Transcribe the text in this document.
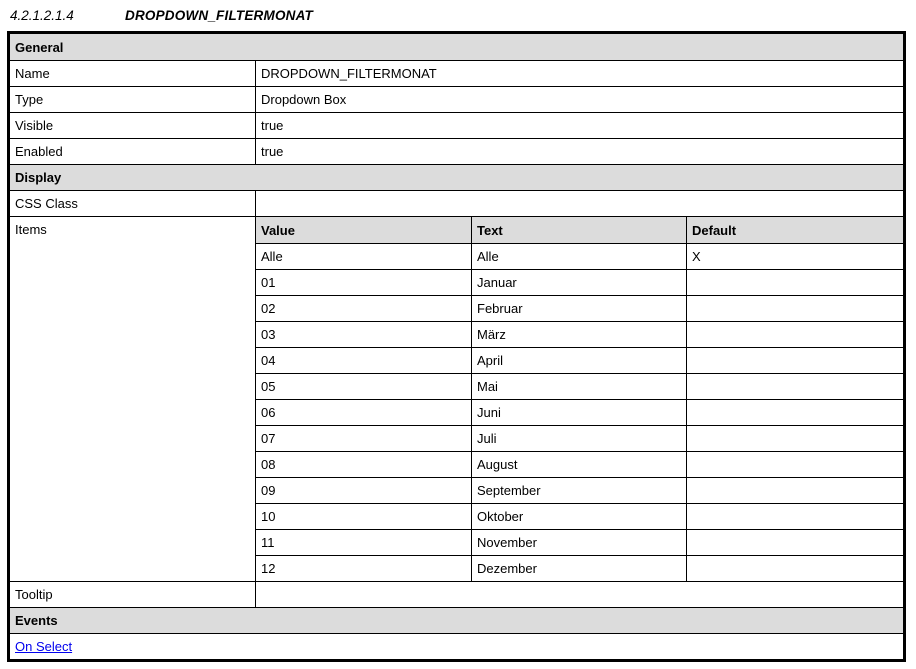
4.2.1.2.1.4	DROPDOWN_FILTERMONAT
General
Name	DROPDOWN_FILTERMONAT
Type	Dropdown Box
Visible	true
Enabled	true
Display
CSS Class
Items	Value	Text	Default
Alle	Alle	X
01	Januar
02	Februar
03	März
04	April
05	Mai
06	Juni
07	Juli
08	August
09	September
10	Oktober
11	November
12	Dezember
Tooltip
Events
On Select
